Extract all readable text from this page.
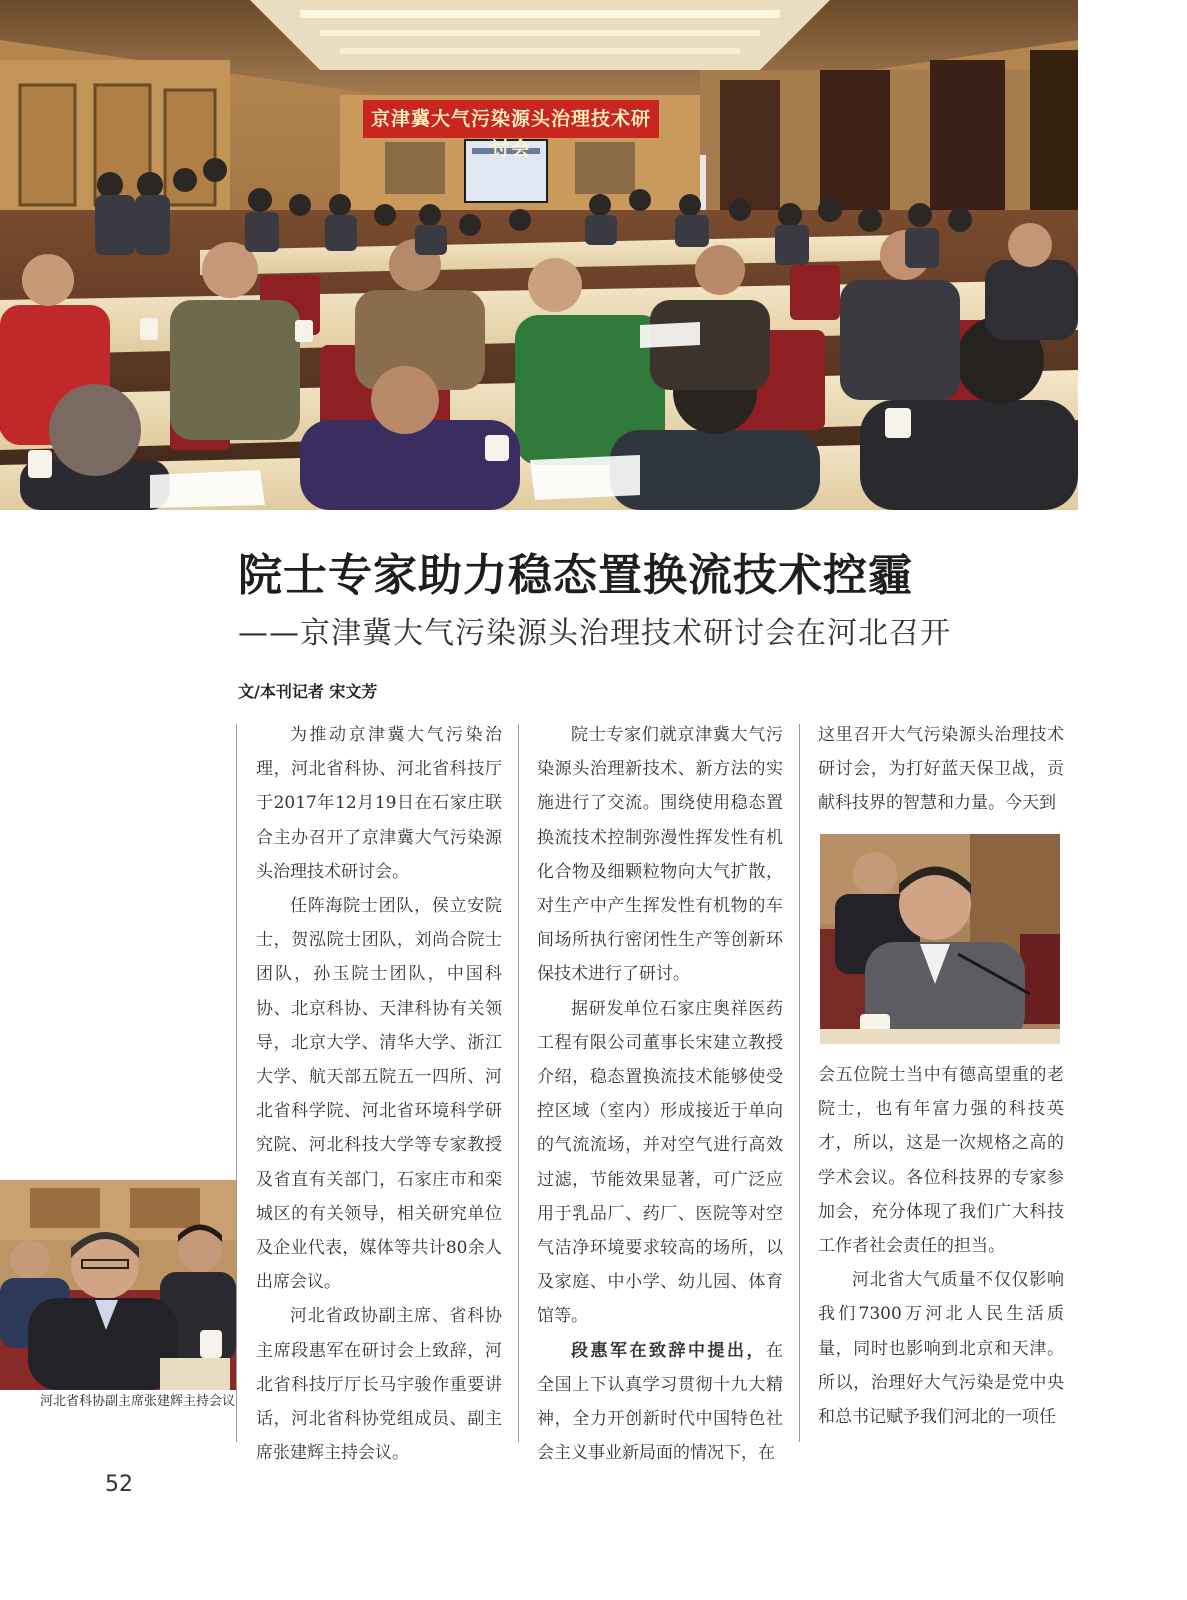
京津冀大气污染源头治理技术研讨会
院士专家助力稳态置换流技术控霾
——京津冀大气污染源头治理技术研讨会在河北召开

文/本刊记者 宋文芳

为推动京津冀大气污染治理，河北省科协、河北省科技厅于2017年12月19日在石家庄联合主办召开了京津冀大气污染源头治理技术研讨会。

任阵海院士团队，侯立安院士，贺泓院士团队，刘尚合院士团队，孙玉院士团队，中国科协、北京科协、天津科协有关领导，北京大学、清华大学、浙江大学、航天部五院五一四所、河北省科学院、河北省环境科学研究院、河北科技大学等专家教授及省直有关部门，石家庄市和栾城区的有关领导，相关研究单位及企业代表，媒体等共计80余人出席会议。

河北省政协副主席、省科协主席段惠军在研讨会上致辞，河北省科技厅厅长马宇骏作重要讲话，河北省科协党组成员、副主席张建辉主持会议。

院士专家们就京津冀大气污染源头治理新技术、新方法的实施进行了交流。围绕使用稳态置换流技术控制弥漫性挥发性有机化合物及细颗粒物向大气扩散，对生产中产生挥发性有机物的车间场所执行密闭性生产等创新环保技术进行了研讨。

据研发单位石家庄奥祥医药工程有限公司董事长宋建立教授介绍，稳态置换流技术能够使受控区域（室内）形成接近于单向的气流流场，并对空气进行高效过滤，节能效果显著，可广泛应用于乳品厂、药厂、医院等对空气洁净环境要求较高的场所，以及家庭、中小学、幼儿园、体育馆等。

段惠军在致辞中提出，在全国上下认真学习贯彻十九大精神，全力开创新时代中国特色社会主义事业新局面的情况下，在

这里召开大气污染源头治理技术研讨会，为打好蓝天保卫战，贡献科技界的智慧和力量。今天到

会五位院士当中有德高望重的老院士，也有年富力强的科技英才，所以，这是一次规格之高的学术会议。各位科技界的专家参加会，充分体现了我们广大科技工作者社会责任的担当。

河北省大气质量不仅仅影响我们7300万河北人民生活质量，同时也影响到北京和天津。所以，治理好大气污染是党中央和总书记赋予我们河北的一项任

河北省科协副主席张建辉主持会议

52
